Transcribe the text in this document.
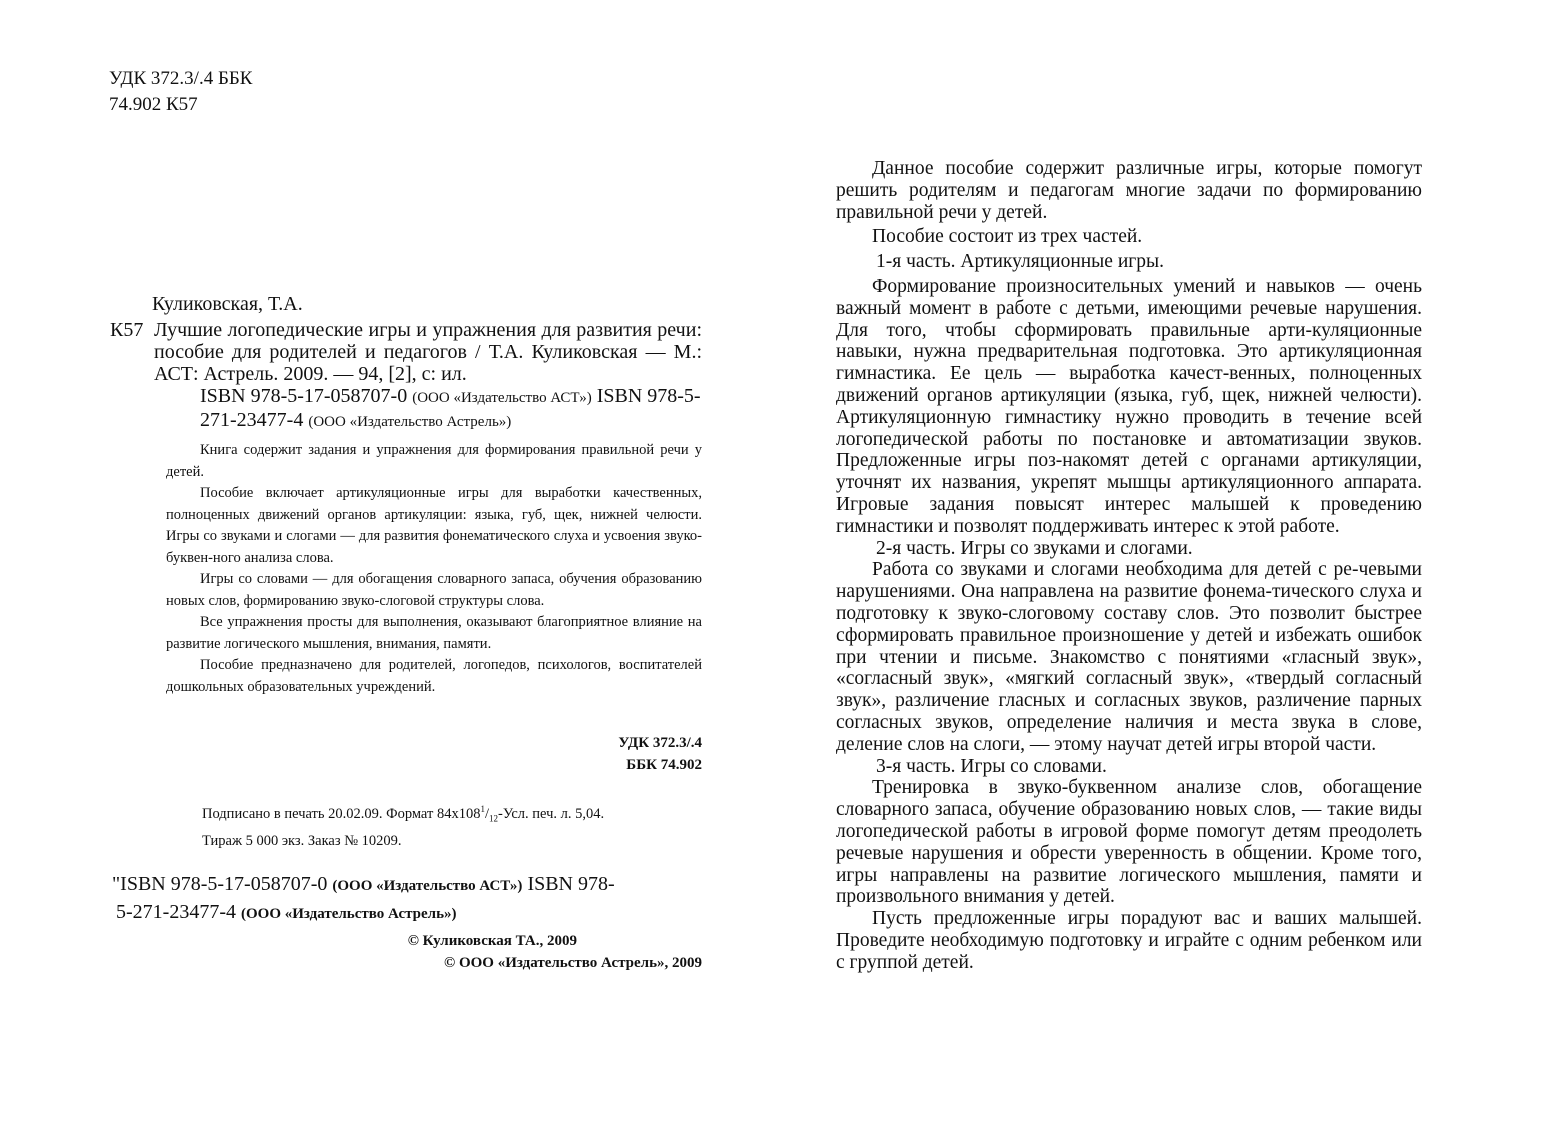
УДК 372.3/.4 ББК 74.902 К57
Куликовская, Т.А.
К57 Лучшие логопедические игры и упражнения для развития речи: пособие для родителей и педагогов / Т.А. Куликовская — М.: АСТ: Астрель. 2009. — 94, [2], с: ил.
ISBN 978-5-17-058707-0 (ООО «Издательство АСТ») ISBN 978-5-271-23477-4 (ООО «Издательство Астрель»)

Книга содержит задания и упражнения для формирования правильной речи у детей.

Пособие включает артикуляционные игры для выработки качественных, полноценных движений органов артикуляции: языка, губ, щек, нижней челюсти. Игры со звуками и слогами — для развития фонематического слуха и усвоения звуко-буквен-ного анализа слова.

Игры со словами — для обогащения словарного запаса, обучения образованию новых слов, формированию звуко-слоговой структуры слова.

Все упражнения просты для выполнения, оказывают благоприятное влияние на развитие логического мышления, внимания, памяти.

Пособие предназначено для родителей, логопедов, психологов, воспитателей дошкольных образовательных учреждений.

УДК 372.3/.4
ББК 74.902

Подписано в печать 20.02.09. Формат $84х108^1/_{12}$-Усл. печ. л. 5,04.

Тираж 5 000 экз. Заказ № 10209.
"ISBN 978-5-17-058707-0 (ООО «Издательство АСТ») ISBN 978-
5-271-23477-4 (ООО «Издательство Астрель»)
© Куликовская ТА., 2009
© ООО «Издательство Астрель», 2009

Данное пособие содержит различные игры, которые помогут решить родителям и педагогам многие задачи по формированию правильной речи у детей.

Пособие состоит из трех частей.

1-я часть. Артикуляционные игры.

Формирование произносительных умений и навыков — очень важный момент в работе с детьми, имеющими речевые нарушения. Для того, чтобы сформировать правильные арти-куляционные навыки, нужна предварительная подготовка. Это артикуляционная гимнастика. Ее цель — выработка качест-венных, полноценных движений органов артикуляции (языка, губ, щек, нижней челюсти). Артикуляционную гимнастику нужно проводить в течение всей логопедической работы по постановке и автоматизации звуков. Предложенные игры поз-накомят детей с органами артикуляции, уточнят их названия, укрепят мышцы артикуляционного аппарата. Игровые задания повысят интерес малышей к проведению гимнастики и позволят поддерживать интерес к этой работе.

2-я часть. Игры со звуками и слогами.

Работа со звуками и слогами необходима для детей с ре-чевыми нарушениями. Она направлена на развитие фонема-тического слуха и подготовку к звуко-слоговому составу слов. Это позволит быстрее сформировать правильное произношение у детей и избежать ошибок при чтении и письме. Знакомство с понятиями «гласный звук», «согласный звук», «мягкий согласный звук», «твердый согласный звук», различение гласных и согласных звуков, различение парных согласных звуков, определение наличия и места звука в слове, деление слов на слоги, — этому научат детей игры второй части.

3-я часть. Игры со словами.

Тренировка в звуко-буквенном анализе слов, обогащение словарного запаса, обучение образованию новых слов, — такие виды логопедической работы в игровой форме помогут детям преодолеть речевые нарушения и обрести уверенность в общении. Кроме того, игры направлены на развитие логического мышления, памяти и произвольного внимания у детей.

Пусть предложенные игры порадуют вас и ваших малышей. Проведите необходимую подготовку и играйте с одним ребенком или с группой детей.
